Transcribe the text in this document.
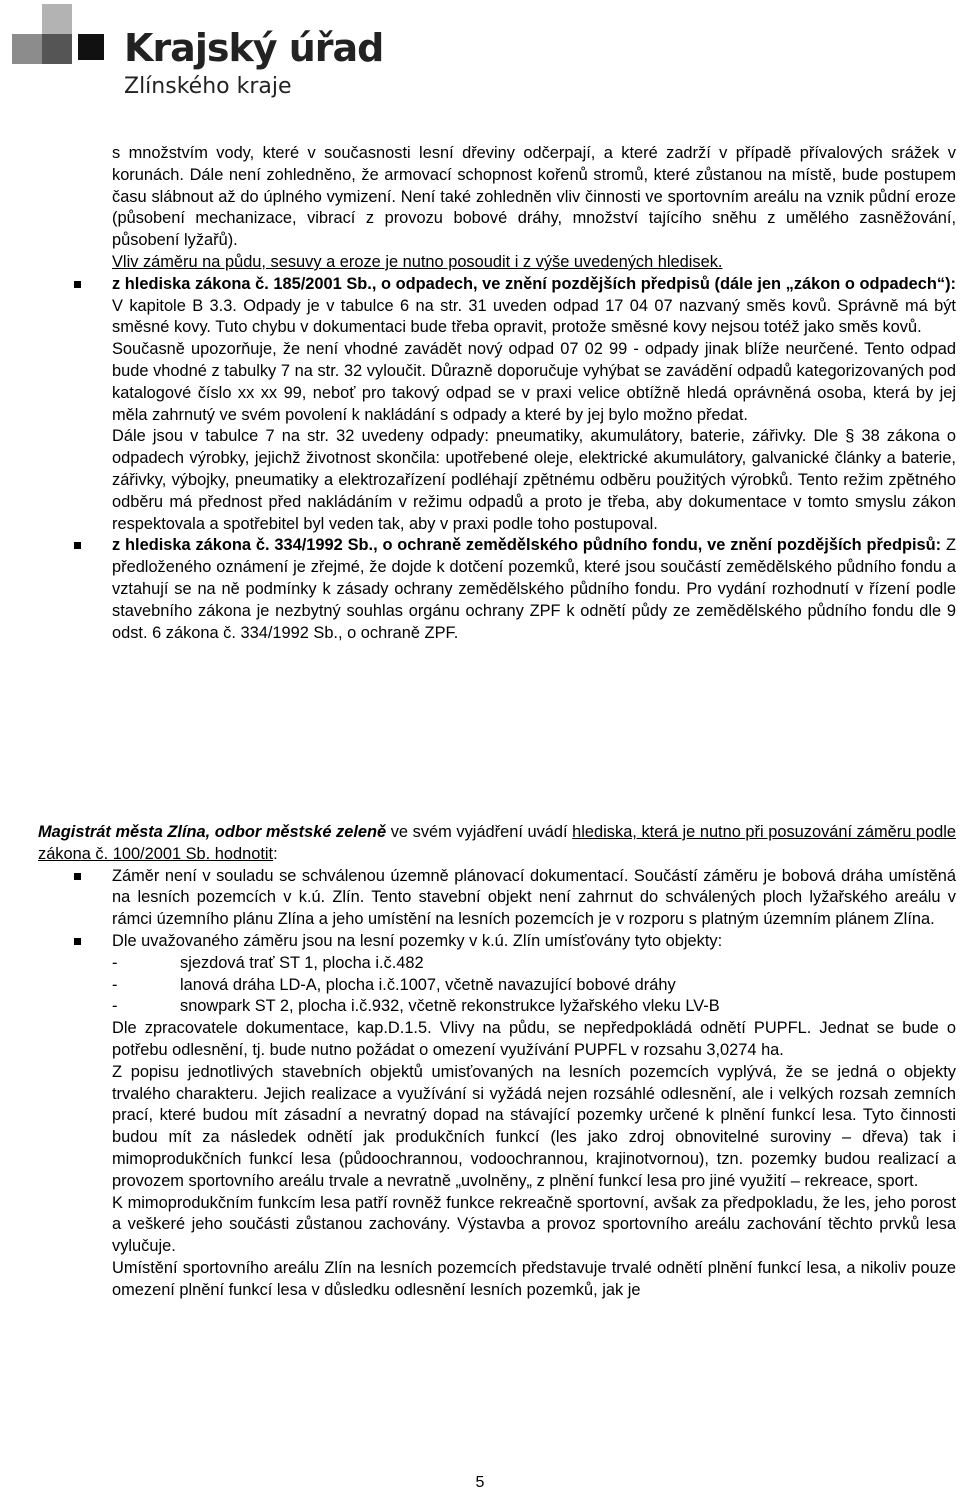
Krajský úřad
Zlínského kraje

s množstvím vody, které v současnosti lesní dřeviny odčerpají, a které zadrží v případě přívalových srážek v korunách. Dále není zohledněno, že armovací schopnost kořenů stromů, které zůstanou na místě, bude postupem času slábnout až do úplného vymizení. Není také zohledněn vliv činnosti ve sportovním areálu na vznik půdní eroze (působení mechanizace, vibrací z provozu bobové dráhy, množství tajícího sněhu z umělého zasněžování, působení lyžařů).

Vliv záměru na půdu, sesuvy a eroze je nutno posoudit i z výše uvedených hledisek.

z hlediska zákona č. 185/2001 Sb., o odpadech, ve znění pozdějších předpisů (dále jen „zákon o odpadech“): V kapitole B 3.3. Odpady je v tabulce 6 na str. 31 uveden odpad 17 04 07 nazvaný směs kovů. Správně má být směsné kovy. Tuto chybu v dokumentaci bude třeba opravit, protože směsné kovy nejsou totéž jako směs kovů.

Současně upozorňuje, že není vhodné zavádět nový odpad 07 02 99 - odpady jinak blíže neurčené. Tento odpad bude vhodné z tabulky 7 na str. 32 vyloučit. Důrazně doporučuje vyhýbat se zavádění odpadů kategorizovaných pod katalogové číslo xx xx 99, neboť pro takový odpad se v praxi velice obtížně hledá oprávněná osoba, která by jej měla zahrnutý ve svém povolení k nakládání s odpady a které by jej bylo možno předat.

Dále jsou v tabulce 7 na str. 32 uvedeny odpady: pneumatiky, akumulátory, baterie, zářivky. Dle § 38 zákona o odpadech výrobky, jejichž životnost skončila: upotřebené oleje, elektrické akumulátory, galvanické články a baterie, zářivky, výbojky, pneumatiky a elektrozařízení podléhají zpětnému odběru použitých výrobků. Tento režim zpětného odběru má přednost před nakládáním v režimu odpadů a proto je třeba, aby dokumentace v tomto smyslu zákon respektovala a spotřebitel byl veden tak, aby v praxi podle toho postupoval.

z hlediska zákona č. 334/1992 Sb., o ochraně zemědělského půdního fondu, ve znění pozdějších předpisů: Z předloženého oznámení je zřejmé, že dojde k dotčení pozemků, které jsou součástí zemědělského půdního fondu a vztahují se na ně podmínky k zásady ochrany zemědělského půdního fondu. Pro vydání rozhodnutí v řízení podle stavebního zákona je nezbytný souhlas orgánu ochrany ZPF k odnětí půdy ze zemědělského půdního fondu dle 9 odst. 6 zákona č. 334/1992 Sb., o ochraně ZPF.

Magistrát města Zlína, odbor městské zeleně ve svém vyjádření uvádí hlediska, která je nutno při posuzování záměru podle zákona č. 100/2001 Sb. hodnotit:

Záměr není v souladu se schválenou územně plánovací dokumentací. Součástí záměru je bobová dráha umístěná na lesních pozemcích v k.ú. Zlín. Tento stavební objekt není zahrnut do schválených ploch lyžařského areálu v rámci územního plánu Zlína a jeho umístění na lesních pozemcích je v rozporu s platným územním plánem Zlína.

Dle uvažovaného záměru jsou na lesní pozemky v k.ú. Zlín umísťovány tyto objekty:

-	sjezdová trať ST 1, plocha i.č.482
-	lanová dráha LD-A, plocha i.č.1007, včetně navazující bobové dráhy
-	snowpark ST 2, plocha i.č.932, včetně rekonstrukce lyžařského vleku LV-B

Dle zpracovatele dokumentace, kap.D.1.5. Vlivy na půdu, se nepředpokládá odnětí PUPFL. Jednat se bude o potřebu odlesnění, tj. bude nutno požádat o omezení využívání PUPFL v rozsahu 3,0274 ha.

Z popisu jednotlivých stavebních objektů umisťovaných na lesních pozemcích vyplývá, že se jedná o objekty trvalého charakteru. Jejich realizace a využívání si vyžádá nejen rozsáhlé odlesnění, ale i velkých rozsah zemních prací, které budou mít zásadní a nevratný dopad na stávající pozemky určené k plnění funkcí lesa. Tyto činnosti budou mít za následek odnětí jak produkčních funkcí (les jako zdroj obnovitelné suroviny – dřeva) tak i mimoprodukčních funkcí lesa (půdoochrannou, vodoochrannou, krajinotvornou), tzn. pozemky budou realizací a provozem sportovního areálu trvale a nevratně „uvolněny„ z plnění funkcí lesa pro jiné využití – rekreace, sport.

K mimoprodukčním funkcím lesa patří rovněž funkce rekreačně sportovní, avšak za předpokladu, že les, jeho porost a veškeré jeho součásti zůstanou zachovány. Výstavba a provoz sportovního areálu zachování těchto prvků lesa vylučuje.

Umístění sportovního areálu Zlín na lesních pozemcích představuje trvalé odnětí plnění funkcí lesa, a nikoliv pouze omezení plnění funkcí lesa v důsledku odlesnění lesních pozemků, jak je

5
